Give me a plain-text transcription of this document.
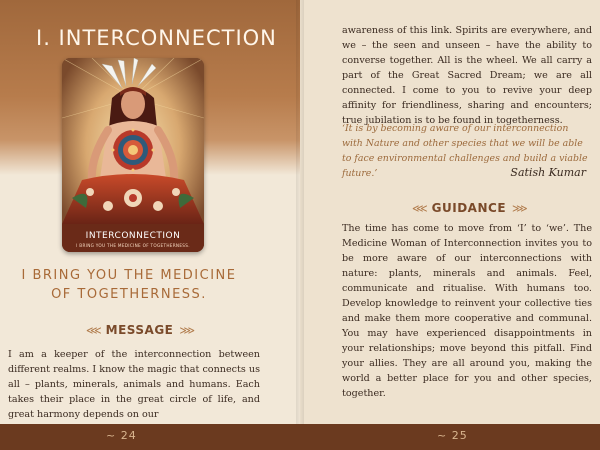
I. INTERCONNECTION
INTERCONNECTION
I BRING YOU THE MEDICINE OF TOGETHERNESS.
I BRING YOU THE MEDICINE
OF TOGETHERNESS.
⋘ MESSAGE ⋙
I am a keeper of the interconnection between different realms. I know the magic that connects us all – plants, minerals, animals and humans. Each takes their place in the great circle of life, and great harmony depends on our

awareness of this link. Spirits are everywhere, and we – the seen and unseen – have the ability to converse together. All is the wheel. We all carry a part of the Great Sacred Dream; we are all connected. I come to you to revive your deep affinity for friendliness, sharing and encounters; true jubilation is to be found in togetherness.

‘It is by becoming aware of our interconnection with Nature and other species that we will be able to face environmental challenges and build a viable future.’	Satish Kumar
⋘ GUIDANCE ⋙

The time has come to move from ‘I’ to ‘we’. The Medicine Woman of Interconnection invites you to be more aware of our interconnections with nature: plants, minerals and animals. Feel, communicate and ritualise. With humans too. Develop knowledge to reinvent your collective ties and make them more cooperative and communal. You may have experienced disappointments in your relationships; move beyond this pitfall. Find your allies. They are all around you, making the world a better place for you and other species, together.

~ 24	~ 25
